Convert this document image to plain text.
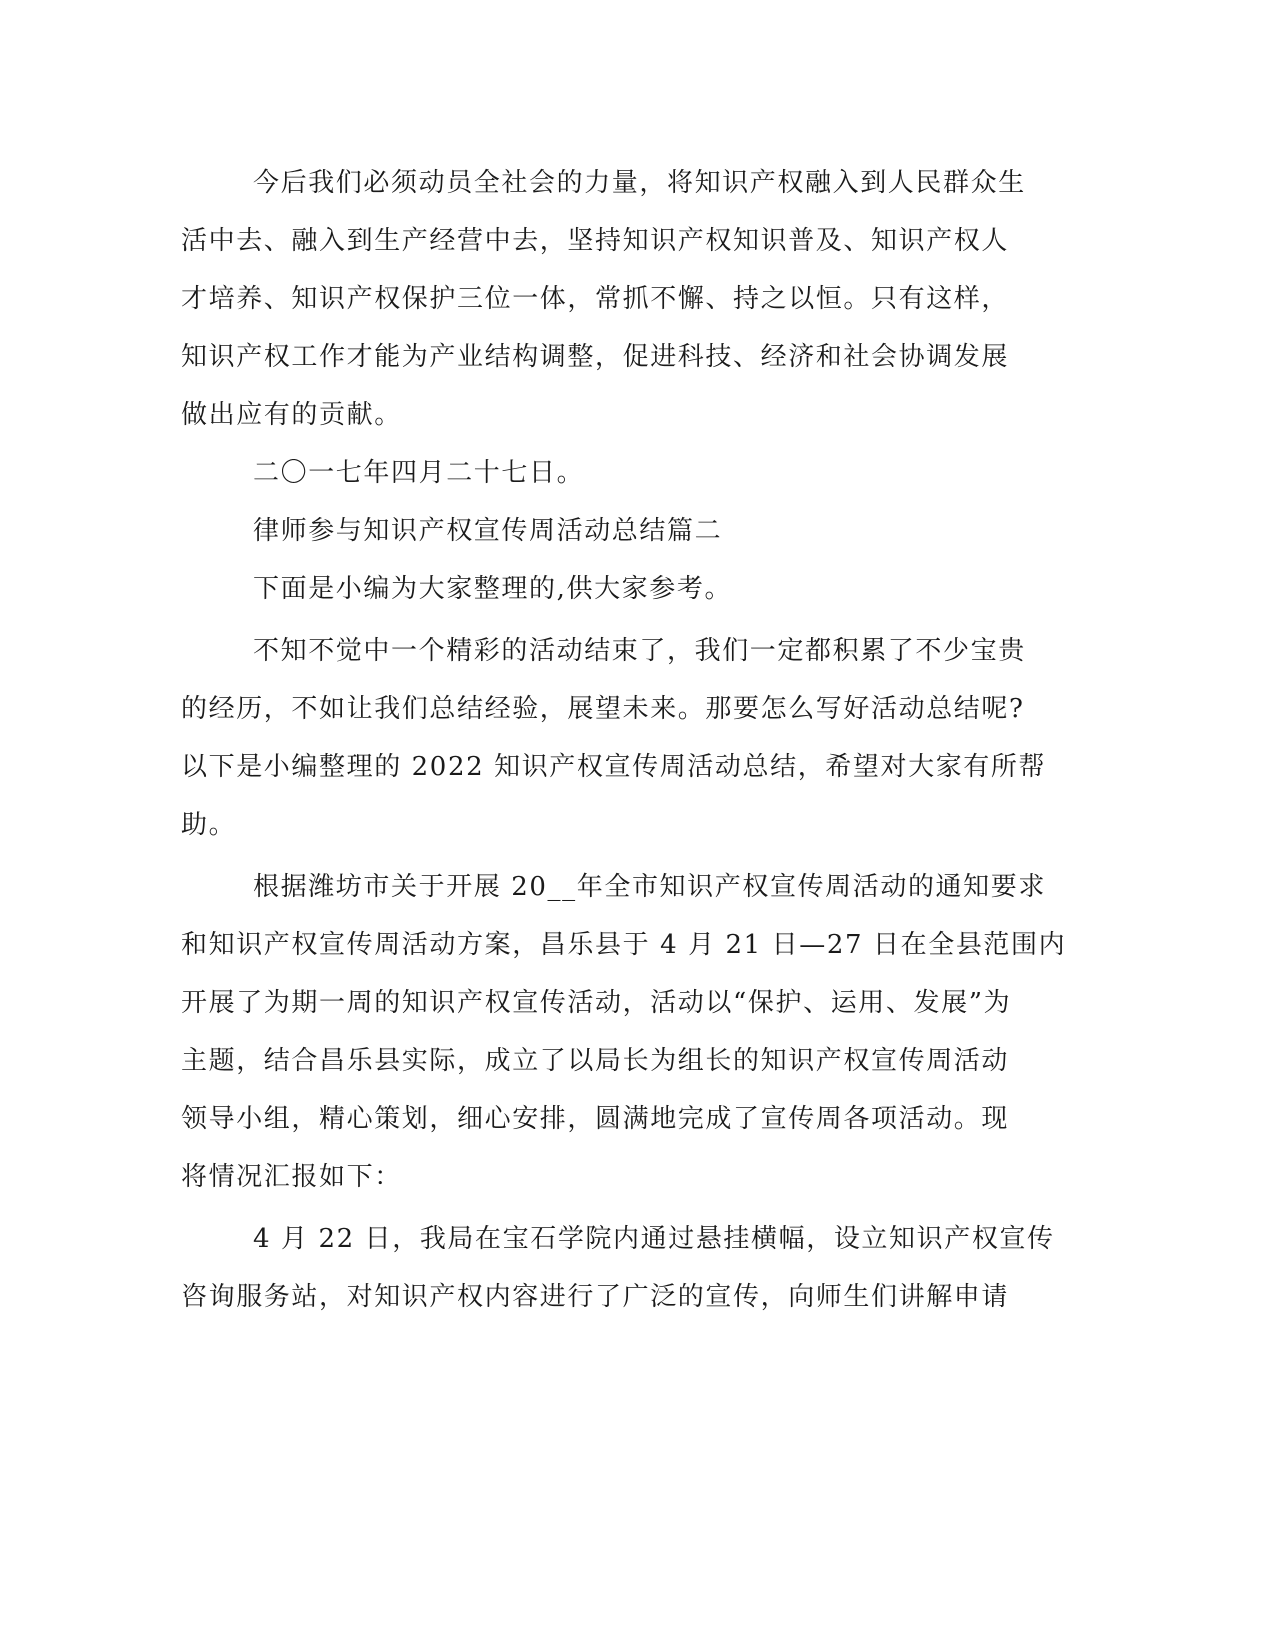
今后我们必须动员全社会的力量，将知识产权融入到人民群众生
活中去、融入到生产经营中去，坚持知识产权知识普及、知识产权人
才培养、知识产权保护三位一体，常抓不懈、持之以恒。只有这样，
知识产权工作才能为产业结构调整，促进科技、经济和社会协调发展
做出应有的贡献。
二〇一七年四月二十七日。
律师参与知识产权宣传周活动总结篇二
下面是小编为大家整理的,供大家参考。
不知不觉中一个精彩的活动结束了，我们一定都积累了不少宝贵
的经历，不如让我们总结经验，展望未来。那要怎么写好活动总结呢?
以下是小编整理的 2022 知识产权宣传周活动总结，希望对大家有所帮
助。
根据潍坊市关于开展 20__年全市知识产权宣传周活动的通知要求
和知识产权宣传周活动方案，昌乐县于 4 月 21 日—27 日在全县范围内
开展了为期一周的知识产权宣传活动，活动以“保护、运用、发展”为
主题，结合昌乐县实际，成立了以局长为组长的知识产权宣传周活动
领导小组，精心策划，细心安排，圆满地完成了宣传周各项活动。现
将情况汇报如下：
4 月 22 日，我局在宝石学院内通过悬挂横幅，设立知识产权宣传
咨询服务站，对知识产权内容进行了广泛的宣传，向师生们讲解申请
